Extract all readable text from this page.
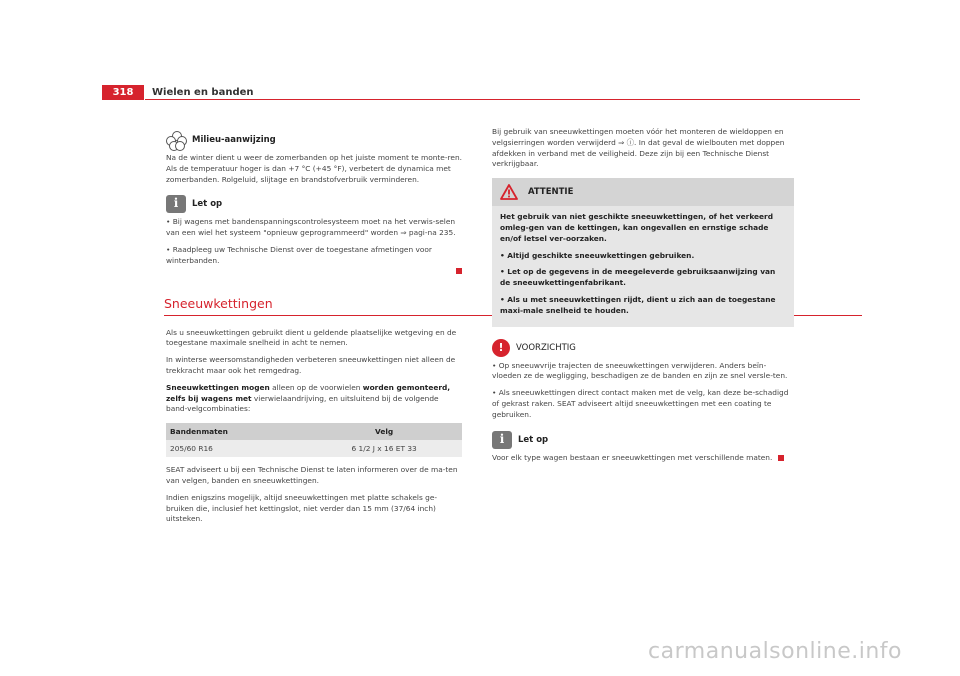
318	Wielen en banden
Milieu-aanwijzing

Na de winter dient u weer de zomerbanden op het juiste moment te monte-ren. Als de temperatuur hoger is dan +7 °C (+45 °F), verbetert de dynamica met zomerbanden. Rolgeluid, slijtage en brandstofverbruik verminderen.

i
Let op

• Bij wagens met bandenspanningscontrolesysteem moet na het verwis-selen van een wiel het systeem "opnieuw geprogrammeerd" worden ⇒ pagi-na 235.

• Raadpleeg uw Technische Dienst over de toegestane afmetingen voor winterbanden.

Sneeuwkettingen

Als u sneeuwkettingen gebruikt dient u geldende plaatselijke wetgeving en de toegestane maximale snelheid in acht te nemen.

In winterse weersomstandigheden verbeteren sneeuwkettingen niet alleen de trekkracht maar ook het remgedrag.

Sneeuwkettingen mogen alleen op de voorwielen worden gemonteerd, zelfs bij wagens met vierwielaandrijving, en uitsluitend bij de volgende band-velgcombinaties:

Bandenmaten	Velg
205/60 R16	6 1/2 J x 16 ET 33

SEAT adviseert u bij een Technische Dienst te laten informeren over de ma-ten van velgen, banden en sneeuwkettingen.

Indien enigszins mogelijk, altijd sneeuwkettingen met platte schakels ge-bruiken die, inclusief het kettingslot, niet verder dan 15 mm (37/64 inch) uitsteken.

Bij gebruik van sneeuwkettingen moeten vóór het monteren de wieldoppen en velgsierringen worden verwijderd ⇒ ⓘ. In dat geval de wielbouten met doppen afdekken in verband met de veiligheid. Deze zijn bij een Technische Dienst verkrijgbaar.

ATTENTIE

Het gebruik van niet geschikte sneeuwkettingen, of het verkeerd omleg-gen van de kettingen, kan ongevallen en ernstige schade en/of letsel ver-oorzaken.

• Altijd geschikte sneeuwkettingen gebruiken.

• Let op de gegevens in de meegeleverde gebruiksaanwijzing van de sneeuwkettingenfabrikant.

• Als u met sneeuwkettingen rijdt, dient u zich aan de toegestane maxi-male snelheid te houden.

!
VOORZICHTIG

• Op sneeuwvrije trajecten de sneeuwkettingen verwijderen. Anders beïn-vloeden ze de wegligging, beschadigen ze de banden en zijn ze snel versle-ten.

• Als sneeuwkettingen direct contact maken met de velg, kan deze be-schadigd of gekrast raken. SEAT adviseert altijd sneeuwkettingen met een coating te gebruiken.

i
Let op

Voor elk type wagen bestaan er sneeuwkettingen met verschillende maten.

carmanualsonline.info
